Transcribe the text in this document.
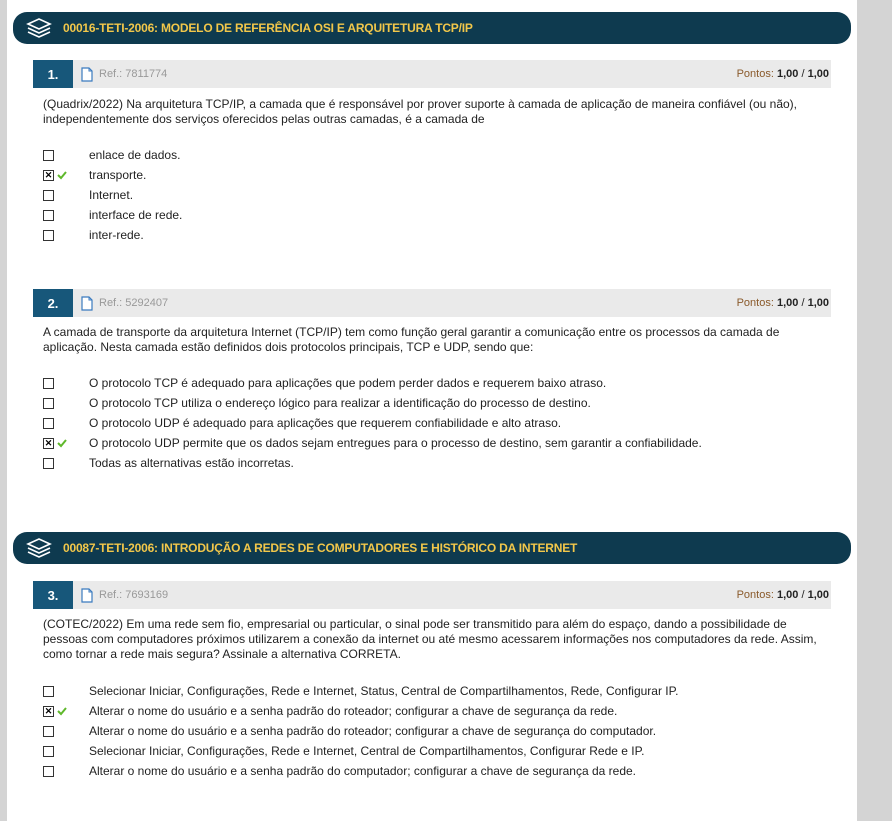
00016-TETI-2006: MODELO DE REFERÊNCIA OSI E ARQUITETURA TCP/IP
1.	Ref.: 7811774	Pontos: 1,00 / 1,00
(Quadrix/2022) Na arquitetura TCP/IP, a camada que é responsável por prover suporte à camada de aplicação de maneira confiável (ou não), independentemente dos serviços oferecidos pelas outras camadas, é a camada de
enlace de dados.
✕	transporte.
Internet.
interface de rede.
inter-rede.
2.	Ref.: 5292407	Pontos: 1,00 / 1,00
A camada de transporte da arquitetura Internet (TCP/IP) tem como função geral garantir a comunicação entre os processos da camada de aplicação. Nesta camada estão definidos dois protocolos principais, TCP e UDP, sendo que:
O protocolo TCP é adequado para aplicações que podem perder dados e requerem baixo atraso.
O protocolo TCP utiliza o endereço lógico para realizar a identificação do processo de destino.
O protocolo UDP é adequado para aplicações que requerem confiabilidade e alto atraso.
✕	O protocolo UDP permite que os dados sejam entregues para o processo de destino, sem garantir a confiabilidade.
Todas as alternativas estão incorretas.
00087-TETI-2006: INTRODUÇÃO A REDES DE COMPUTADORES E HISTÓRICO DA INTERNET
3.	Ref.: 7693169	Pontos: 1,00 / 1,00
(COTEC/2022) Em uma rede sem fio, empresarial ou particular, o sinal pode ser transmitido para além do espaço, dando a possibilidade de pessoas com computadores próximos utilizarem a conexão da internet ou até mesmo acessarem informações nos computadores da rede. Assim, como tornar a rede mais segura? Assinale a alternativa CORRETA.
Selecionar Iniciar, Configurações, Rede e Internet, Status, Central de Compartilhamentos, Rede, Configurar IP.
✕	Alterar o nome do usuário e a senha padrão do roteador; configurar a chave de segurança da rede.
Alterar o nome do usuário e a senha padrão do roteador; configurar a chave de segurança do computador.
Selecionar Iniciar, Configurações, Rede e Internet, Central de Compartilhamentos, Configurar Rede e IP.
Alterar o nome do usuário e a senha padrão do computador; configurar a chave de segurança da rede.
